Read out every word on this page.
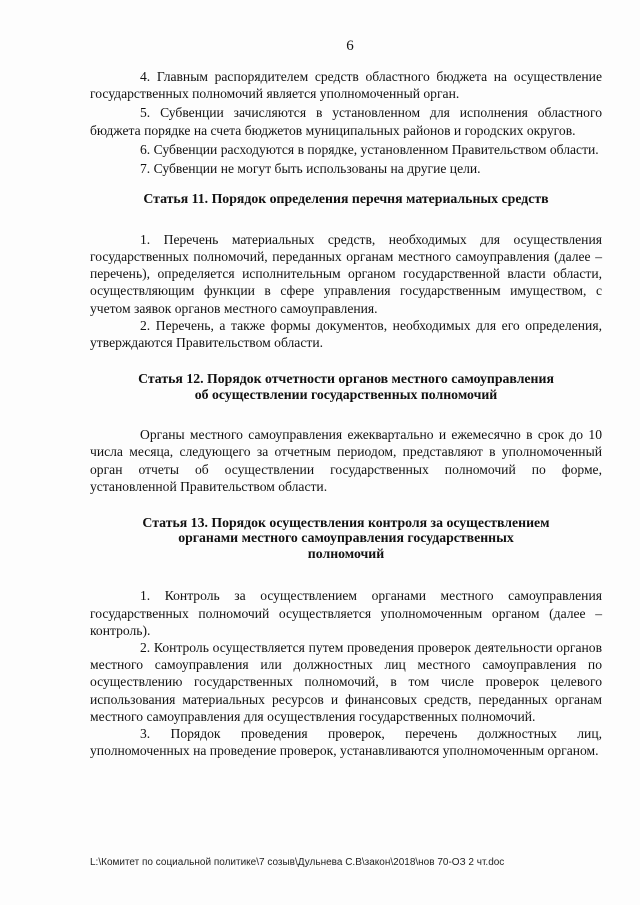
6

4. Главным распорядителем средств областного бюджета на осуществление государственных полномочий является уполномоченный орган.

5. Субвенции зачисляются в установленном для исполнения областного бюджета порядке на счета бюджетов муниципальных районов и городских округов.

6. Субвенции расходуются в порядке, установленном Правительством области.

7. Субвенции не могут быть использованы на другие цели.

Статья 11. Порядок определения перечня материальных средств

1. Перечень материальных средств, необходимых для осуществления государственных полномочий, переданных органам местного самоуправления (далее – перечень), определяется исполнительным органом государственной власти области, осуществляющим функции в сфере управления государственным имуществом, с учетом заявок органов местного самоуправления.

2. Перечень, а также формы документов, необходимых для его определения, утверждаются Правительством области.

Статья 12. Порядок отчетности органов местного самоуправления
об осуществлении государственных полномочий

Органы местного самоуправления ежеквартально и ежемесячно в срок до 10 числа месяца, следующего за отчетным периодом, представляют в уполномоченный орган отчеты об осуществлении государственных полномочий по форме, установленной Правительством области.

Статья 13. Порядок осуществления контроля за осуществлением
органами местного самоуправления государственных
полномочий

1. Контроль за осуществлением органами местного самоуправления государственных полномочий осуществляется уполномоченным органом (далее – контроль).

2. Контроль осуществляется путем проведения проверок деятельности органов местного самоуправления или должностных лиц местного самоуправления по осуществлению государственных полномочий, в том числе проверок целевого использования материальных ресурсов и финансовых средств, переданных органам местного самоуправления для осуществления государственных полномочий.

3. Порядок проведения проверок, перечень должностных лиц, уполномоченных на проведение проверок, устанавливаются уполномоченным органом.

L:\Комитет по социальной политике\7 созыв\Дульнева С.В\закон\2018\нов 70-ОЗ 2 чт.doc
